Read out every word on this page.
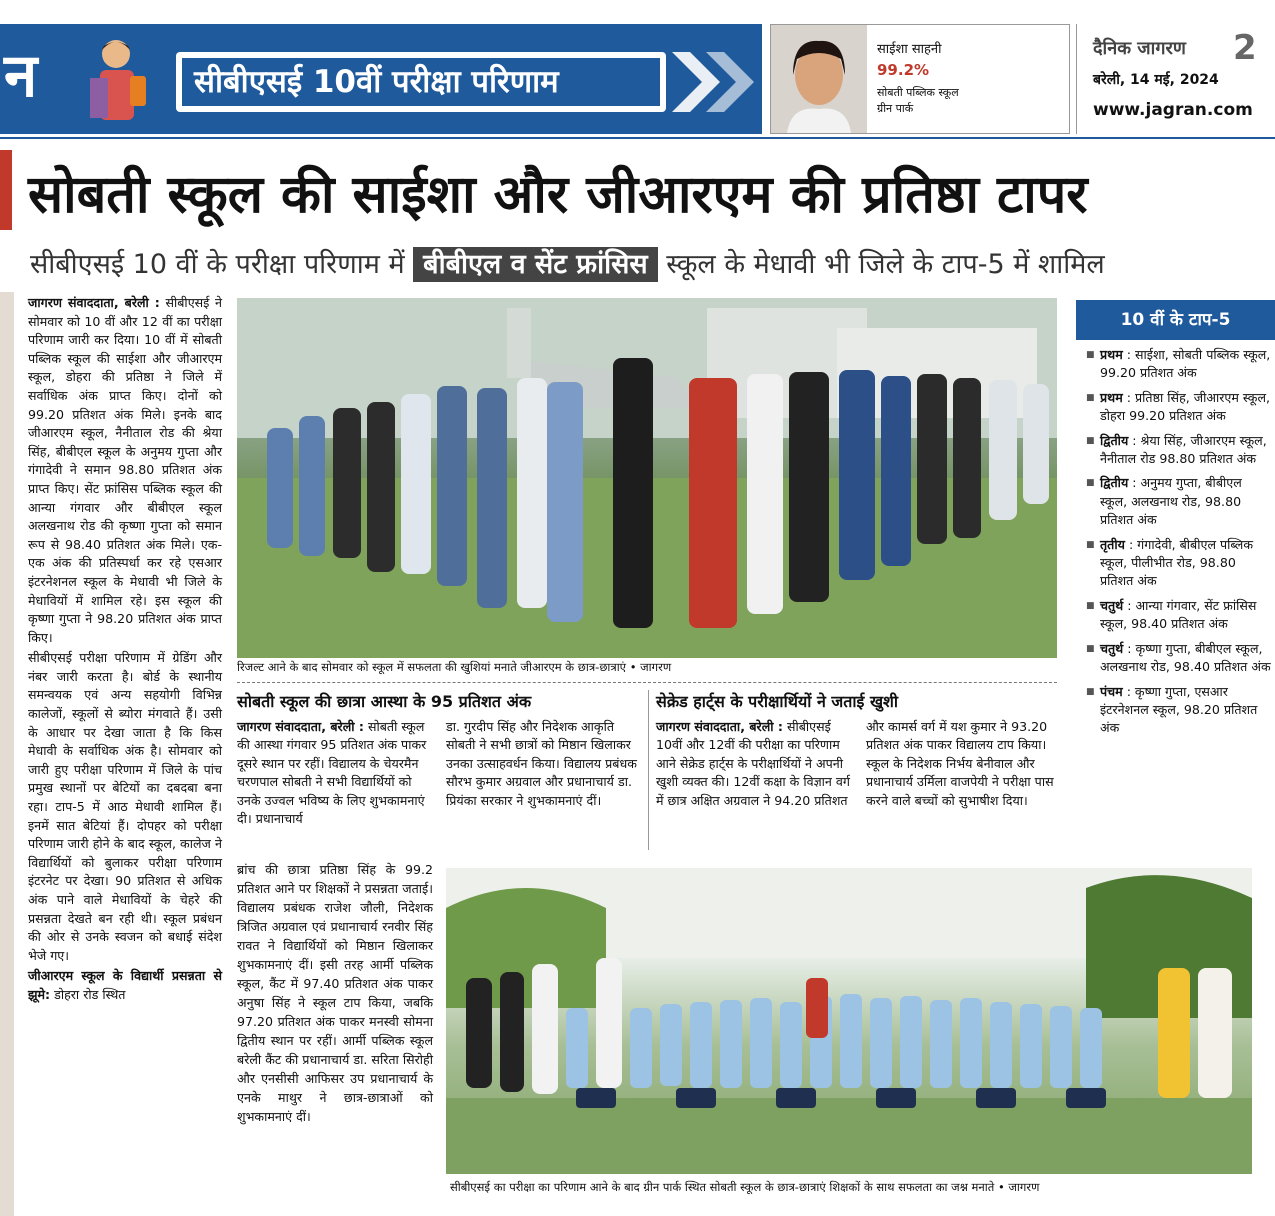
न	सीबीएसई 10वीं परीक्षा परिणाम
साईशा साहनी
99.2%
सोबती पब्लिक स्कूल
ग्रीन पार्क
दैनिक जागरण 2
बरेली, 14 मई, 2024
www.jagran.com
सोबती स्कूल की साईशा और जीआरएम की प्रतिष्ठा टापर
सीबीएसई 10 वीं के परीक्षा परिणाम में बीबीएल व सेंट फ्रांसिस स्कूल के मेधावी भी जिले के टाप-5 में शामिल

जागरण संवाददाता, बरेली : सीबीएसई ने सोमवार को 10 वीं और 12 वीं का परीक्षा परिणाम जारी कर दिया। 10 वीं में सोबती पब्लिक स्कूल की साईशा और जीआरएम स्कूल, डोहरा की प्रतिष्ठा ने जिले में सर्वाधिक अंक प्राप्त किए। दोनों को 99.20 प्रतिशत अंक मिले। इनके बाद जीआरएम स्कूल, नैनीताल रोड की श्रेया सिंह, बीबीएल स्कूल के अनुमय गुप्ता और गंगादेवी ने समान 98.80 प्रतिशत अंक प्राप्त किए। सेंट फ्रांसिस पब्लिक स्कूल की आन्या गंगवार और बीबीएल स्कूल अलखनाथ रोड की कृष्णा गुप्ता को समान रूप से 98.40 प्रतिशत अंक मिले। एक-एक अंक की प्रतिस्पर्धा कर रहे एसआर इंटरनेशनल स्कूल के मेधावी भी जिले के मेधावियों में शामिल रहे। इस स्कूल की कृष्णा गुप्ता ने 98.20 प्रतिशत अंक प्राप्त किए।

सीबीएसई परीक्षा परिणाम में ग्रेडिंग और नंबर जारी करता है। बोर्ड के स्थानीय समन्वयक एवं अन्य सहयोगी विभिन्न कालेजों, स्कूलों से ब्योरा मंगवाते हैं। उसी के आधार पर देखा जाता है कि किस मेधावी के सर्वाधिक अंक है। सोमवार को जारी हुए परीक्षा परिणाम में जिले के पांच प्रमुख स्थानों पर बेटियों का दबदबा बना रहा। टाप-5 में आठ मेधावी शामिल हैं। इनमें सात बेटियां हैं। दोपहर को परीक्षा परिणाम जारी होने के बाद स्कूल, कालेज ने विद्यार्थियों को बुलाकर परीक्षा परिणाम इंटरनेट पर देखा। 90 प्रतिशत से अधिक अंक पाने वाले मेधावियों के चेहरे की प्रसन्नता देखते बन रही थी। स्कूल प्रबंधन की ओर से उनके स्वजन को बधाई संदेश भेजे गए।

जीआरएम स्कूल के विद्यार्थी प्रसन्नता से झूमे: डोहरा रोड स्थित

रिजल्ट आने के बाद सोमवार को स्कूल में सफलता की खुशियां मनाते जीआरएम के छात्र-छात्राएं • जागरण
सोबती स्कूल की छात्रा आस्था के 95 प्रतिशत अंक
जागरण संवाददाता, बरेली : सोबती स्कूल की आस्था गंगवार 95 प्रतिशत अंक पाकर दूसरे स्थान पर रहीं। विद्यालय के चेयरमैन चरणपाल सोबती ने सभी विद्यार्थियों को उनके उज्वल भविष्य के लिए शुभकामनाएं दी। प्रधानाचार्य
डा. गुरदीप सिंह और निदेशक आकृति सोबती ने सभी छात्रों को मिष्ठान खिलाकर उनका उत्साहवर्धन किया। विद्यालय प्रबंधक सौरभ कुमार अग्रवाल और प्रधानाचार्य डा. प्रियंका सरकार ने शुभकामनाएं दीं।
सेक्रेड हार्ट्स के परीक्षार्थियों ने जताई खुशी
जागरण संवाददाता, बरेली : सीबीएसई 10वीं और 12वीं की परीक्षा का परिणाम आने सेक्रेड हार्ट्स के परीक्षार्थियों ने अपनी खुशी व्यक्त की। 12वीं कक्षा के विज्ञान वर्ग में छात्र अक्षित अग्रवाल ने 94.20 प्रतिशत
और कामर्स वर्ग में यश कुमार ने 93.20 प्रतिशत अंक पाकर विद्यालय टाप किया। स्कूल के निदेशक निर्भय बेनीवाल और प्रधानाचार्य उर्मिला वाजपेयी ने परीक्षा पास करने वाले बच्चों को सुभाषीश दिया।
10 वीं के टाप-5
■ प्रथम : साईशा, सोबती पब्लिक स्कूल, 99.20 प्रतिशत अंक
■ प्रथम : प्रतिष्ठा सिंह, जीआरएम स्कूल, डोहरा 99.20 प्रतिशत अंक
■ द्वितीय : श्रेया सिंह, जीआरएम स्कूल, नैनीताल रोड 98.80 प्रतिशत अंक
■ द्वितीय : अनुमय गुप्ता, बीबीएल स्कूल, अलखनाथ रोड, 98.80 प्रतिशत अंक
■ तृतीय : गंगादेवी, बीबीएल पब्लिक स्कूल, पीलीभीत रोड, 98.80 प्रतिशत अंक
■ चतुर्थ : आन्या गंगवार, सेंट फ्रांसिस स्कूल, 98.40 प्रतिशत अंक
■ चतुर्थ : कृष्णा गुप्ता, बीबीएल स्कूल, अलखनाथ रोड, 98.40 प्रतिशत अंक
■ पंचम : कृष्णा गुप्ता, एसआर इंटरनेशनल स्कूल, 98.20 प्रतिशत अंक
ब्रांच की छात्रा प्रतिष्ठा सिंह के 99.2 प्रतिशत आने पर शिक्षकों ने प्रसन्नता जताई। विद्यालय प्रबंधक राजेश जौली, निदेशक त्रिजित अग्रवाल एवं प्रधानाचार्य रनवीर सिंह रावत ने विद्यार्थियों को मिष्ठान खिलाकर शुभकामनाएं दीं। इसी तरह आर्मी पब्लिक स्कूल, कैंट में 97.40 प्रतिशत अंक पाकर अनुषा सिंह ने स्कूल टाप किया, जबकि 97.20 प्रतिशत अंक पाकर मनस्वी सोमना द्वितीय स्थान पर रहीं। आर्मी पब्लिक स्कूल बरेली कैंट की प्रधानाचार्य डा. सरिता सिरोही और एनसीसी आफिसर उप प्रधानाचार्य के एनके माथुर ने छात्र-छात्राओं को शुभकामनाएं दीं।
सीबीएसई का परीक्षा का परिणाम आने के बाद ग्रीन पार्क स्थित सोबती स्कूल के छात्र-छात्राएं शिक्षकों के साथ सफलता का जश्न मनाते • जागरण
